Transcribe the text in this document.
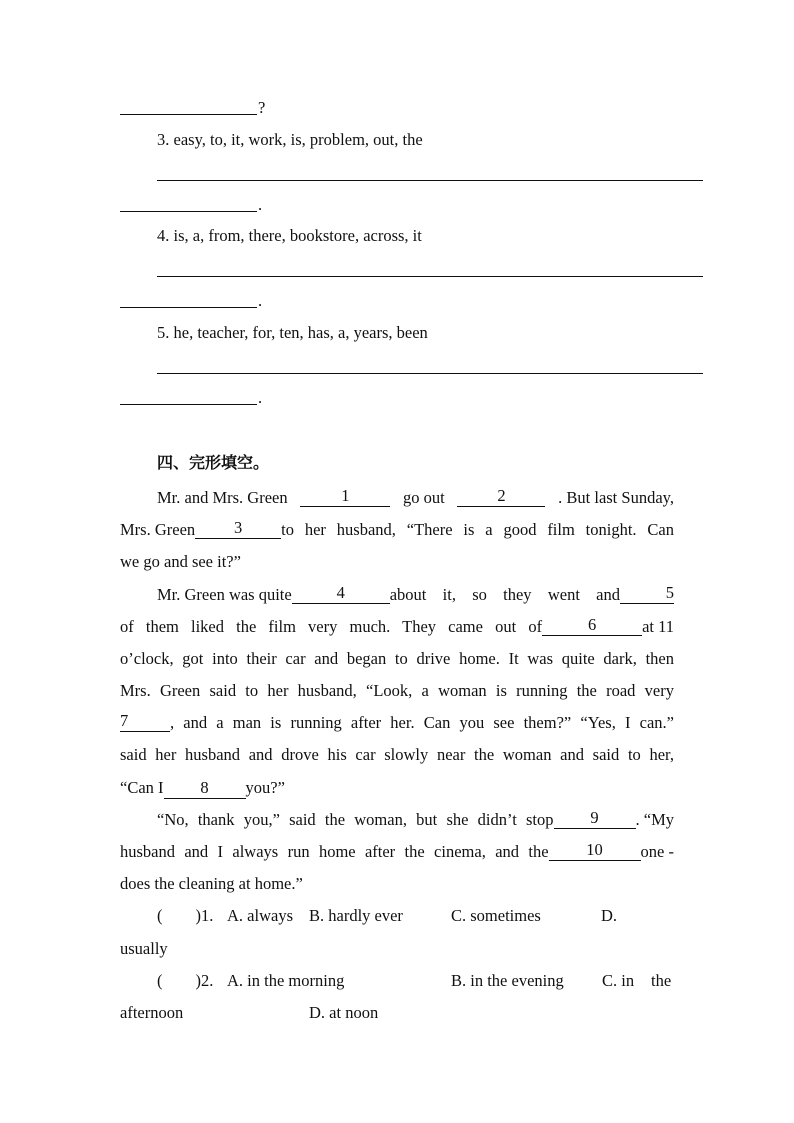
?
3. easy, to, it, work, is, problem, out, the
.
4. is, a, from, there, bookstore, across, it
.
5. he, teacher, for, ten, has, a, years, been
.
四、完形填空。
Mr. and Mrs. Green	1	go out	2	. But last Sunday,
Mrs. Green	3	to her husband, “There is a good film tonight. Can
we go and see it?”
Mr. Green was quite	4	about it, so they went and	5
of them liked the film very much. They came out of	6	at 11
o’clock, got into their car and began to drive home. It was quite dark, then
Mrs. Green said to her husband, “Look, a woman is running the road very
7	, and a man is running after her. Can you see them?” “Yes, I can.”
said her husband and drove his car slowly near the woman and said to her,
“Can I 8 you?”
“No, thank you,” said the woman, but she didn’t stop	9	. “My
husband and I always run home after the cinema, and the	10	one -
does the cleaning at home.”
(        )1. A. always B. hardly ever	C. sometimes	D.
usually
(        )2. A. in the morning	B. in the evening C. in the
afternoon	D. at noon
